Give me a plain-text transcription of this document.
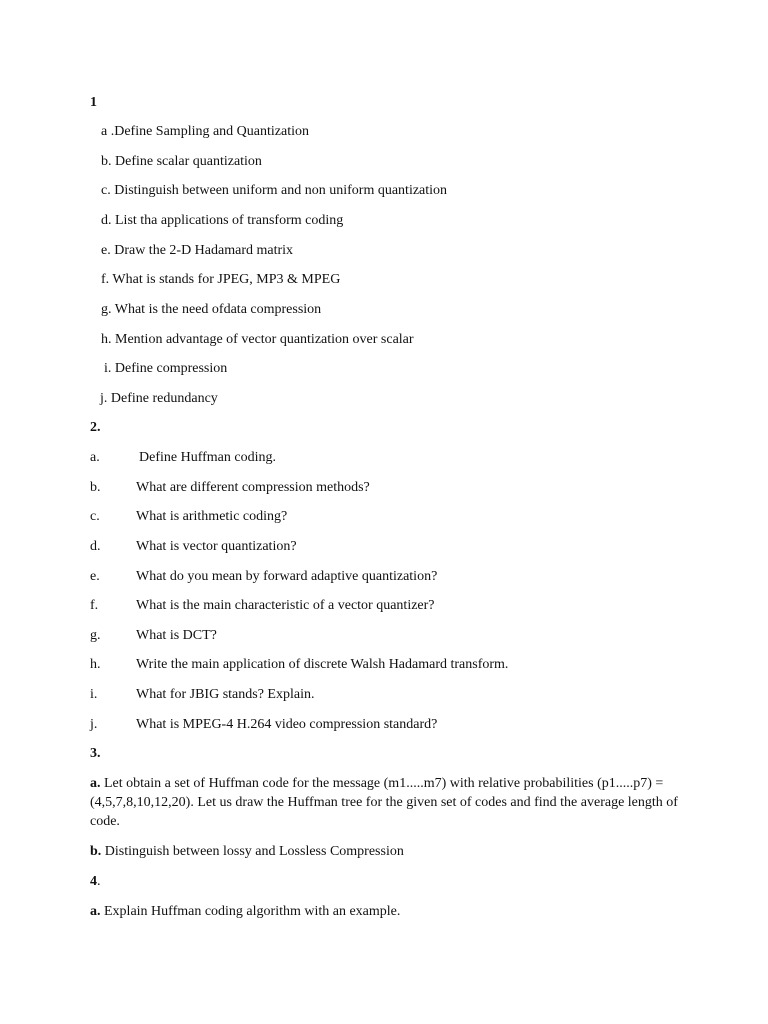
1
a .Define Sampling and Quantization
b. Define scalar quantization
c. Distinguish between uniform and non uniform quantization
d. List tha applications of transform coding
e. Draw the 2-D Hadamard matrix
f. What is stands for JPEG, MP3 & MPEG
g. What is the need ofdata compression
h. Mention advantage of vector quantization over scalar
i. Define compression
j. Define redundancy
2.
a.	Define Huffman coding.
b.	What are different compression methods?
c.	What is arithmetic coding?
d.	What is vector quantization?
e.	What do you mean by forward adaptive quantization?
f.	What is the main characteristic of a vector quantizer?
g.	What is DCT?
h.	Write the main application of discrete Walsh Hadamard transform.
i.	What for JBIG stands? Explain.
j.	What is MPEG-4 H.264 video compression standard?
3.
a. Let obtain a set of Huffman code for the message (m1.....m7) with relative probabilities (p1.....p7) = (4,5,7,8,10,12,20). Let us draw the Huffman tree for the given set of codes and find the average length of code.
b. Distinguish between lossy and Lossless Compression
4.
a. Explain Huffman coding algorithm with an example.
